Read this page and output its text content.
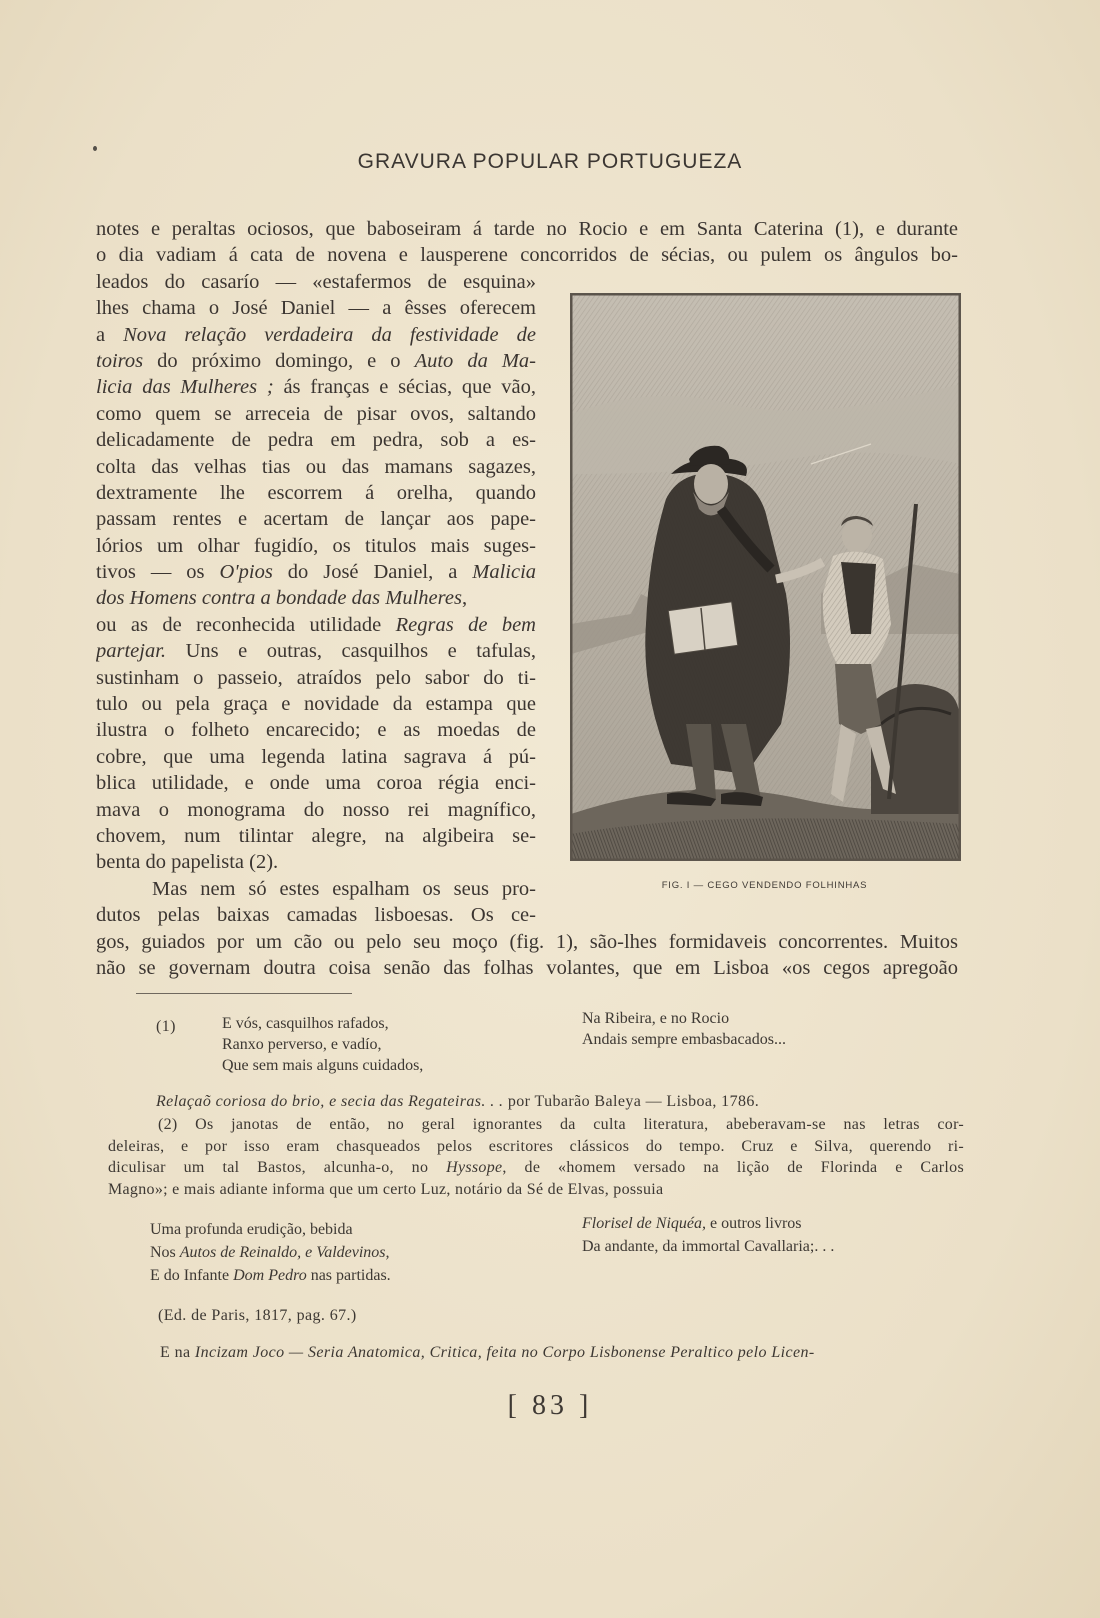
GRAVURA POPULAR PORTUGUEZA
notes e peraltas ociosos, que baboseiram á tarde no Rocio e em Santa Caterina (1), e durante
o dia vadiam á cata de novena e lausperene concorridos de sécias, ou pulem os ângulos bo-
leados do casarío — «estafermos de esquina»
lhes chama o José Daniel — a êsses oferecem
a Nova relação verdadeira da festividade de
toiros do próximo domingo, e o Auto da Ma-
licia das Mulheres ; ás franças e sécias, que vão,
como quem se arreceia de pisar ovos, saltando
delicadamente de pedra em pedra, sob a es-
colta das velhas tias ou das mamans sagazes,
dextramente lhe escorrem á orelha, quando
passam rentes e acertam de lançar aos pape-
lórios um olhar fugidío, os titulos mais suges-
tivos — os O'pios do José Daniel, a Malicia
dos Homens contra a bondade das Mulheres,
ou as de reconhecida utilidade Regras de bem
partejar. Uns e outras, casquilhos e tafulas,
sustinham o passeio, atraídos pelo sabor do ti-
tulo ou pela graça e novidade da estampa que
ilustra o folheto encarecido; e as moedas de
cobre, que uma legenda latina sagrava á pú-
blica utilidade, e onde uma coroa régia enci-
mava o monograma do nosso rei magnífico,
chovem, num tilintar alegre, na algibeira se-
benta do papelista (2).
Mas nem só estes espalham os seus pro-
dutos pelas baixas camadas lisboesas. Os ce-
gos, guiados por um cão ou pelo seu moço (fig. 1), são-lhes formidaveis concorrentes. Muitos
não se governam doutra coisa senão das folhas volantes, que em Lisboa «os cegos apregoão
FIG. I — CEGO VENDENDO FOLHINHAS
(1)	E vós, casquilhos rafados,
Ranxo perverso, e vadío,
Que sem mais alguns cuidados,
Na Ribeira, e no Rocio
Andais sempre embasbacados...
Relaçaõ coriosa do brio, e secia das Regateiras. . . por Tubarão Baleya — Lisboa, 1786.
(2) Os janotas de então, no geral ignorantes da culta literatura, abeberavam-se nas letras cor-
deleiras, e por isso eram chasqueados pelos escritores clássicos do tempo. Cruz e Silva, querendo ri-
diculisar um tal Bastos, alcunha-o, no Hyssope, de «homem versado na lição de Florinda e Carlos
Magno»; e mais adiante informa que um certo Luz, notário da Sé de Elvas, possuia
Uma profunda erudição, bebida
Nos Autos de Reinaldo, e Valdevinos,
E do Infante Dom Pedro nas partidas.
Florisel de Niquéa, e outros livros
Da andante, da immortal Cavallaria;. . .
(Ed. de Paris, 1817, pag. 67.)
E na Incizam Joco — Seria Anatomica, Critica, feita no Corpo Lisbonense Peraltico pelo Licen-
[ 83 ]
